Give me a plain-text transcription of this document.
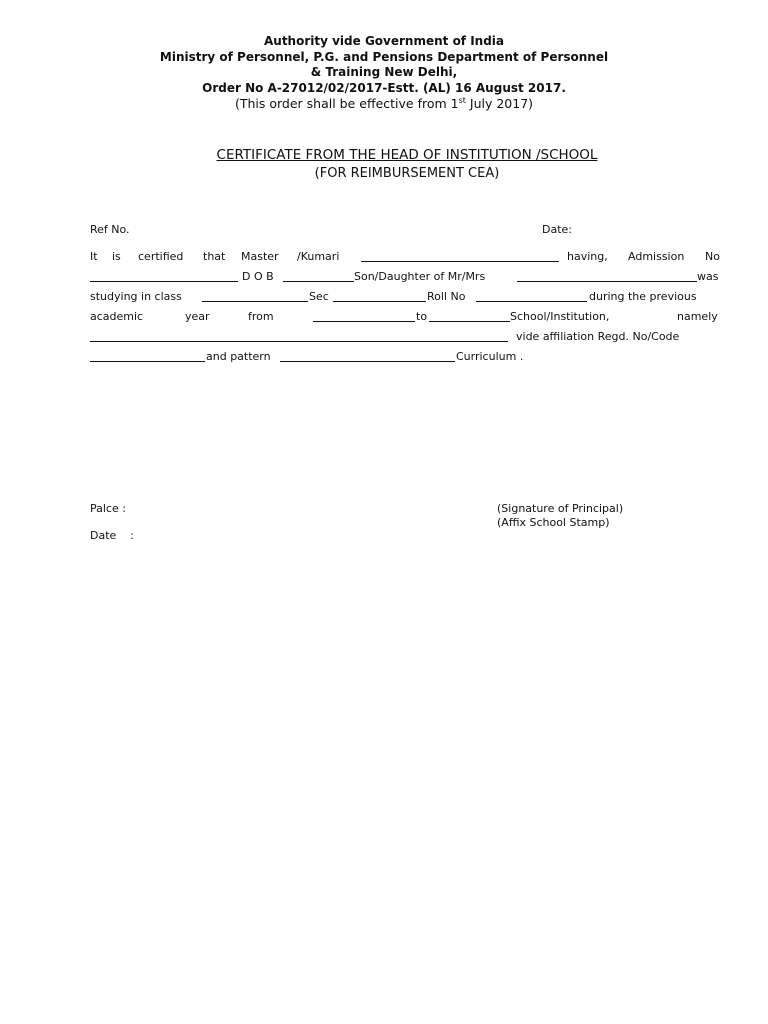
Authority vide Government of India
Ministry of Personnel, P.G. and Pensions Department of Personnel
& Training New Delhi,
Order No A-27012/02/2017-Estt. (AL) 16 August 2017.
(This order shall be effective from 1st July 2017)
CERTIFICATE FROM THE HEAD OF INSTITUTION /SCHOOL
(FOR REIMBURSEMENT CEA)
Ref No.	Date:
It is certified that Master /Kumari	having, Admission No
D O B	Son/Daughter of Mr/Mrs	was
studying in class	Sec	Roll No	during the previous
academic	year	from	to	School/Institution,	namely
vide affiliation Regd. No/Code
and pattern	Curriculum .
Palce :	(Signature of Principal)
(Affix School Stamp)
Date    :
